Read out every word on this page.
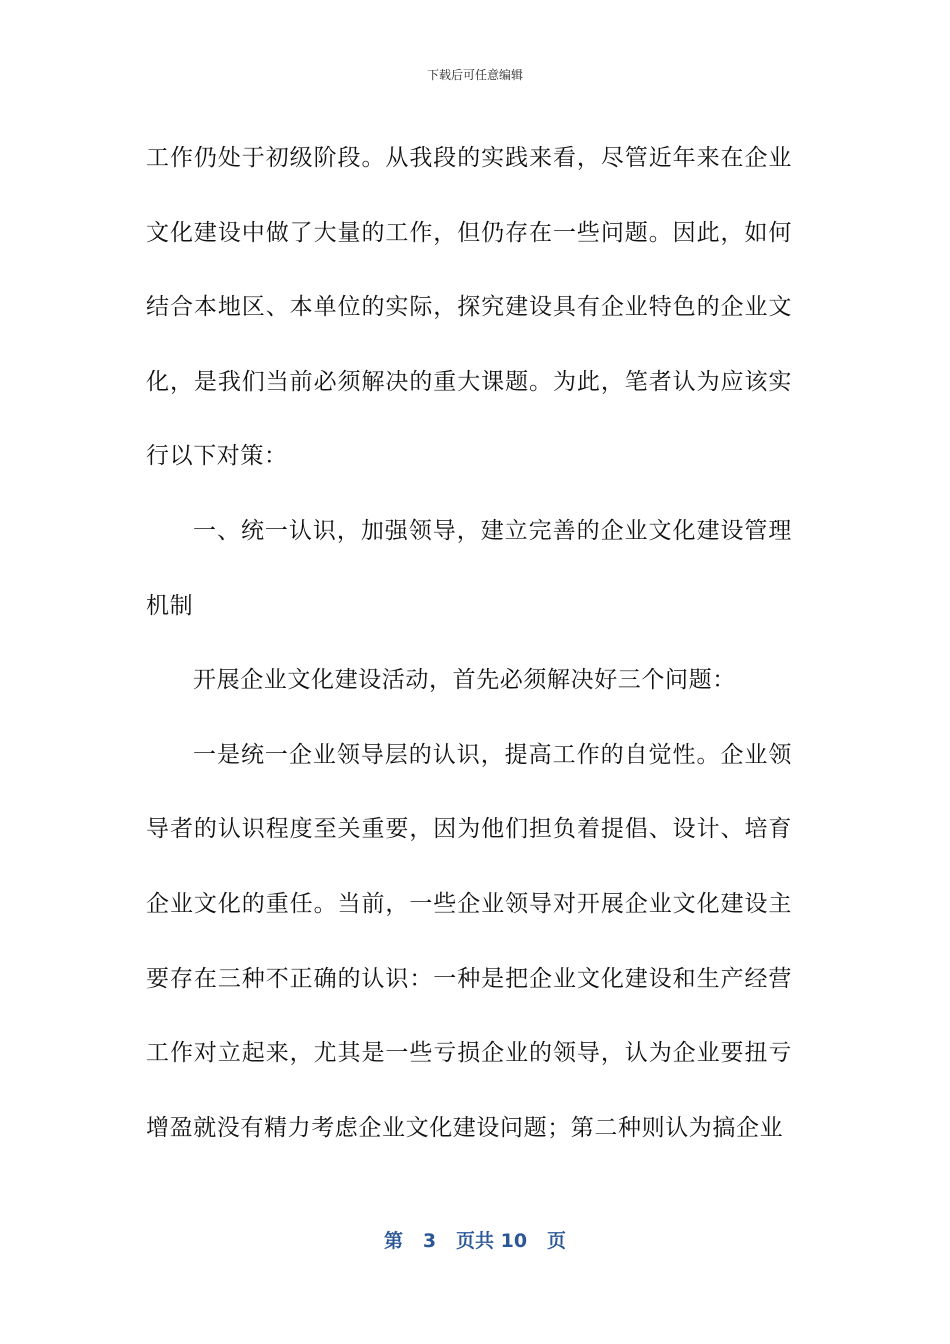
下载后可任意编辑

工作仍处于初级阶段。从我段的实践来看，尽管近年来在企业文化建设中做了大量的工作，但仍存在一些问题。因此，如何结合本地区、本单位的实际，探究建设具有企业特色的企业文化，是我们当前必须解决的重大课题。为此，笔者认为应该实行以下对策：

一、统一认识，加强领导，建立完善的企业文化建设管理机制

开展企业文化建设活动，首先必须解决好三个问题：

一是统一企业领导层的认识，提高工作的自觉性。企业领导者的认识程度至关重要，因为他们担负着提倡、设计、培育企业文化的重任。当前，一些企业领导对开展企业文化建设主要存在三种不正确的认识：一种是把企业文化建设和生产经营工作对立起来，尤其是一些亏损企业的领导，认为企业要扭亏增盈就没有精力考虑企业文化建设问题；第二种则认为搞企业

第 3 页共 10 页
